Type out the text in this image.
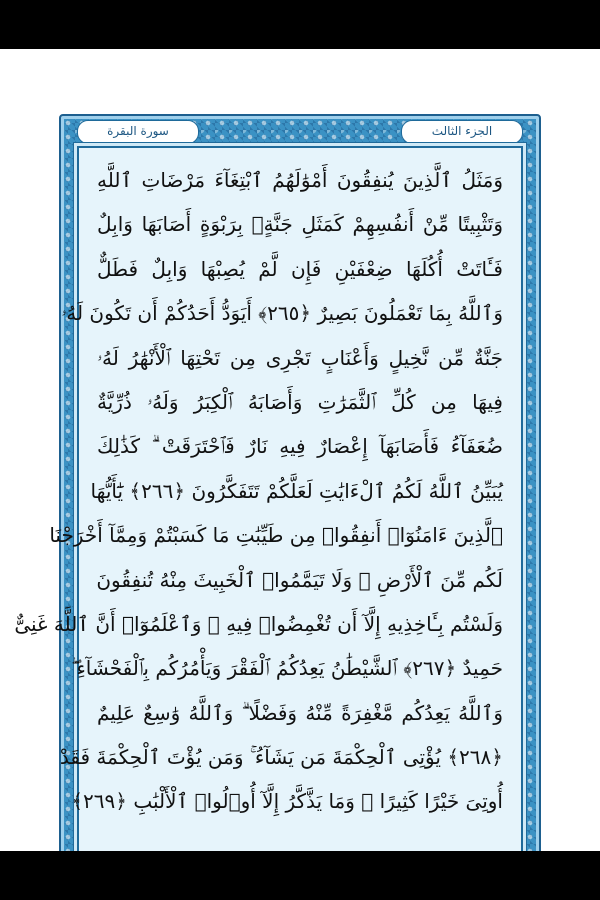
الجزء الثالث
سورة البقرة
وَمَثَلُ ٱلَّذِينَ يُنفِقُونَ أَمْوَٰلَهُمُ ٱبْتِغَآءَ مَرْضَاتِ ٱللَّهِ
وَتَثْبِيتًا مِّنْ أَنفُسِهِمْ كَمَثَلِ جَنَّةٍۭ بِرَبْوَةٍ أَصَابَهَا وَابِلٌ
فَـَٔاتَتْ أُكُلَهَا ضِعْفَيْنِ فَإِن لَّمْ يُصِبْهَا وَابِلٌ فَطَلٌّ
وَٱللَّهُ بِمَا تَعْمَلُونَ بَصِيرٌ ﴿٢٦٥﴾ أَيَوَدُّ أَحَدُكُمْ أَن تَكُونَ لَهُۥ
جَنَّةٌ مِّن نَّخِيلٍ وَأَعْنَابٍ تَجْرِى مِن تَحْتِهَا ٱلْأَنْهَٰرُ لَهُۥ
فِيهَا مِن كُلِّ ٱلثَّمَرَٰتِ وَأَصَابَهُ ٱلْكِبَرُ وَلَهُۥ ذُرِّيَّةٌ
ضُعَفَآءُ فَأَصَابَهَآ إِعْصَارٌ فِيهِ نَارٌ فَٱحْتَرَقَتْ ۗ كَذَٰلِكَ
يُبَيِّنُ ٱللَّهُ لَكُمُ ٱلْءَايَٰتِ لَعَلَّكُمْ تَتَفَكَّرُونَ ﴿٢٦٦﴾ يَٰٓأَيُّهَا
ٱلَّذِينَ ءَامَنُوٓا۟ أَنفِقُوا۟ مِن طَيِّبَٰتِ مَا كَسَبْتُمْ وَمِمَّآ أَخْرَجْنَا
لَكُم مِّنَ ٱلْأَرْضِ ۖ وَلَا تَيَمَّمُوا۟ ٱلْخَبِيثَ مِنْهُ تُنفِقُونَ
وَلَسْتُم بِـَٔاخِذِيهِ إِلَّآ أَن تُغْمِضُوا۟ فِيهِ ۚ وَٱعْلَمُوٓا۟ أَنَّ ٱللَّهَ غَنِىٌّ
حَمِيدٌ ﴿٢٦٧﴾ ٱلشَّيْطَٰنُ يَعِدُكُمُ ٱلْفَقْرَ وَيَأْمُرُكُم بِٱلْفَحْشَآءِ ۖ
وَٱللَّهُ يَعِدُكُم مَّغْفِرَةً مِّنْهُ وَفَضْلًا ۗ وَٱللَّهُ وَٰسِعٌ عَلِيمٌ
﴿٢٦٨﴾ يُؤْتِى ٱلْحِكْمَةَ مَن يَشَآءُ ۚ وَمَن يُؤْتَ ٱلْحِكْمَةَ فَقَدْ
أُوتِىَ خَيْرًا كَثِيرًا ۗ وَمَا يَذَّكَّرُ إِلَّآ أُو۟لُوا۟ ٱلْأَلْبَٰبِ ﴿٢٦٩﴾
